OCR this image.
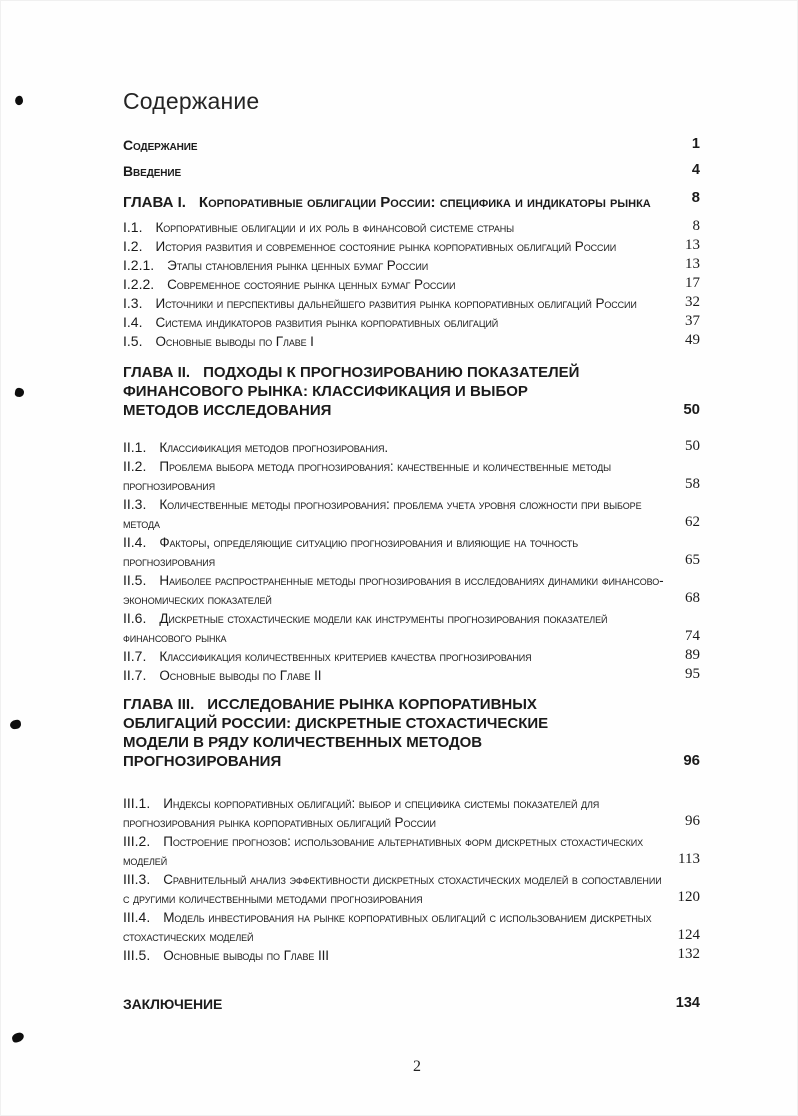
Содержание
Содержание	1
Введение	4
ГЛАВА I. Корпоративные облигации России: специфика и индикаторы рынка	8
I.1. Корпоративные облигации и их роль в финансовой системе страны	8
I.2. История развития и современное состояние рынка корпоративных облигаций России	13
I.2.1. Этапы становления рынка ценных бумаг России	13
I.2.2. Современное состояние рынка ценных бумаг России	17
I.3. Источники и перспективы дальнейшего развития рынка корпоративных облигаций России	32
I.4. Система индикаторов развития рынка корпоративных облигаций	37
I.5. Основные выводы по Главе I	49
ГЛАВА II. ПОДХОДЫ К ПРОГНОЗИРОВАНИЮ ПОКАЗАТЕЛЕЙ ФИНАНСОВОГО РЫНКА: КЛАССИФИКАЦИЯ И ВЫБОР МЕТОДОВ ИССЛЕДОВАНИЯ	50
II.1. Классификация методов прогнозирования.	50
II.2. Проблема выбора метода прогнозирования: качественные и количественные методы прогнозирования	58
II.3. Количественные методы прогнозирования: проблема учета уровня сложности при выборе метода	62
II.4. Факторы, определяющие ситуацию прогнозирования и влияющие на точность прогнозирования	65
II.5. Наиболее распространенные методы прогнозирования в исследованиях динамики финансово-экономических показателей	68
II.6. Дискретные стохастические модели как инструменты прогнозирования показателей финансового рынка	74
II.7. Классификация количественных критериев качества прогнозирования	89
II.7. Основные выводы по Главе II	95
ГЛАВА III. ИССЛЕДОВАНИЕ РЫНКА КОРПОРАТИВНЫХ ОБЛИГАЦИЙ РОССИИ: ДИСКРЕТНЫЕ СТОХАСТИЧЕСКИЕ МОДЕЛИ В РЯДУ КОЛИЧЕСТВЕННЫХ МЕТОДОВ ПРОГНОЗИРОВАНИЯ	96
III.1. Индексы корпоративных облигаций: выбор и специфика системы показателей для прогнозирования рынка корпоративных облигаций России	96
III.2. Построение прогнозов: использование альтернативных форм дискретных стохастических моделей	113
III.3. Сравнительный анализ эффективности дискретных стохастических моделей в сопоставлении с другими количественными методами прогнозирования	120
III.4. Модель инвестирования на рынке корпоративных облигаций с использованием дискретных стохастических моделей	124
III.5. Основные выводы по Главе III	132
ЗАКЛЮЧЕНИЕ	134
2
